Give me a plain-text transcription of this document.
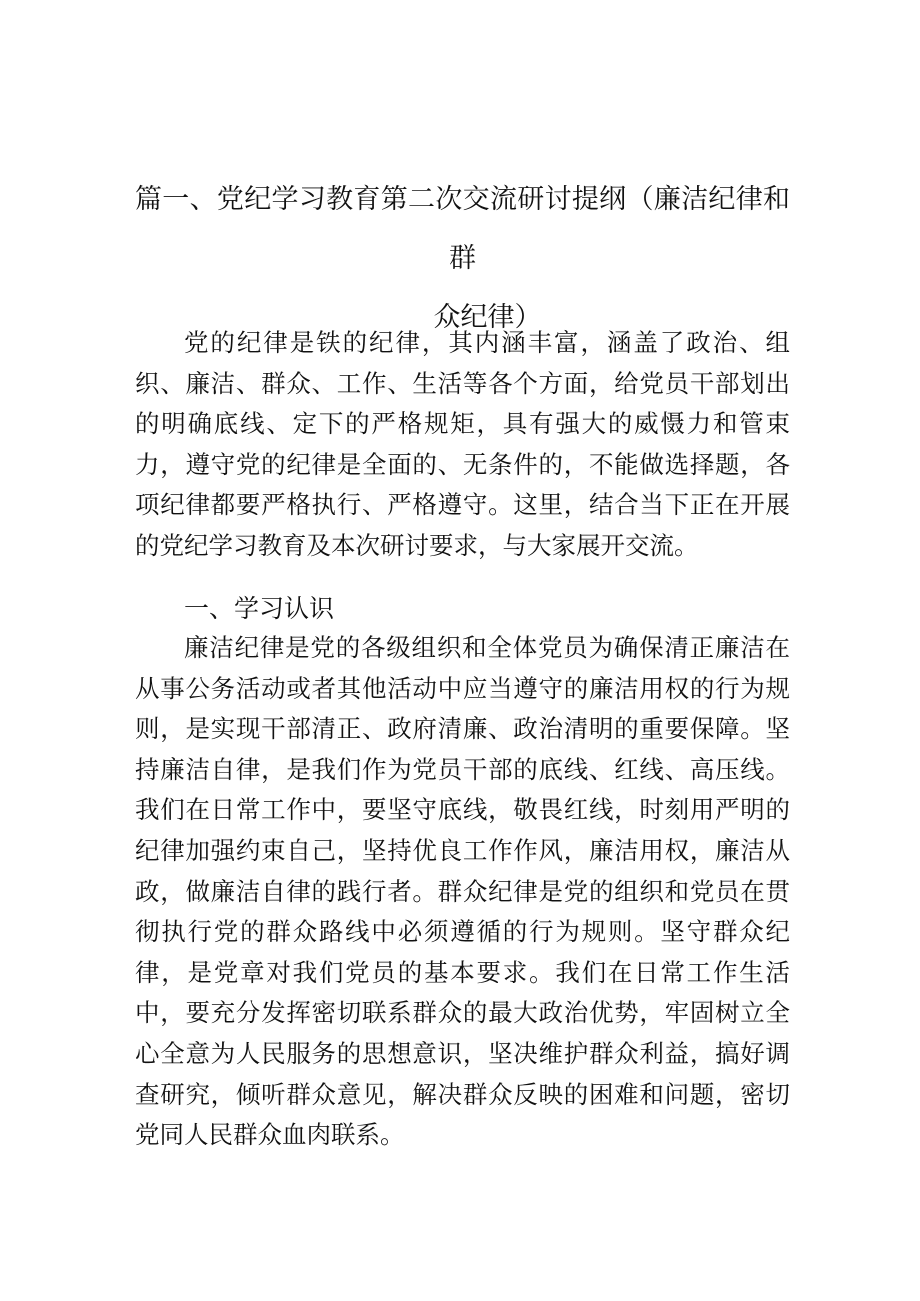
篇一、党纪学习教育第二次交流研讨提纲（廉洁纪律和群
众纪律）

党的纪律是铁的纪律，其内涵丰富，涵盖了政治、组织、廉洁、群众、工作、生活等各个方面，给党员干部划出的明确底线、定下的严格规矩，具有强大的威慑力和管束力，遵守党的纪律是全面的、无条件的，不能做选择题，各项纪律都要严格执行、严格遵守。这里，结合当下正在开展的党纪学习教育及本次研讨要求，与大家展开交流。

一、学习认识

廉洁纪律是党的各级组织和全体党员为确保清正廉洁在从事公务活动或者其他活动中应当遵守的廉洁用权的行为规则，是实现干部清正、政府清廉、政治清明的重要保障。坚持廉洁自律，是我们作为党员干部的底线、红线、高压线。我们在日常工作中，要坚守底线，敬畏红线，时刻用严明的纪律加强约束自己，坚持优良工作作风，廉洁用权，廉洁从政，做廉洁自律的践行者。群众纪律是党的组织和党员在贯彻执行党的群众路线中必须遵循的行为规则。坚守群众纪律，是党章对我们党员的基本要求。我们在日常工作生活中，要充分发挥密切联系群众的最大政治优势，牢固树立全心全意为人民服务的思想意识，坚决维护群众利益，搞好调查研究，倾听群众意见，解决群众反映的困难和问题，密切党同人民群众血肉联系。
